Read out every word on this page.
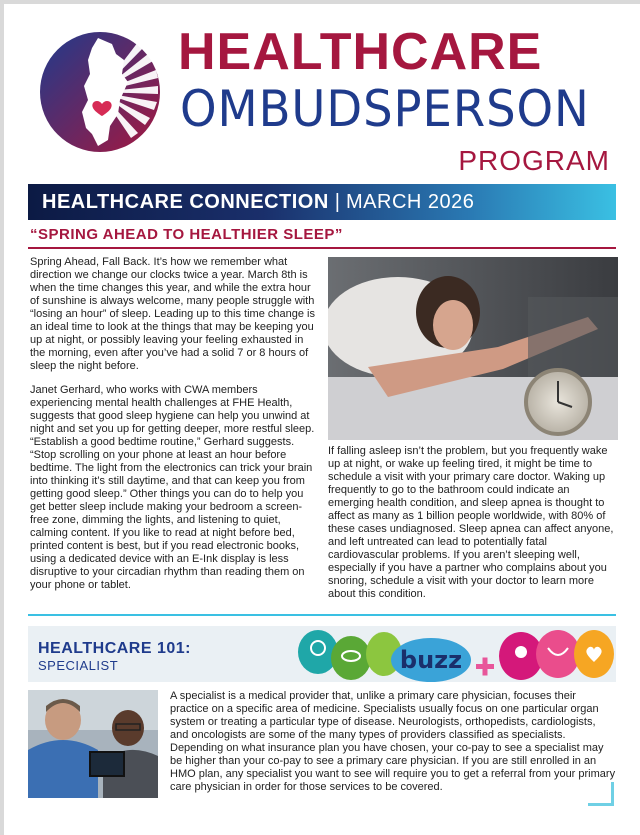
HEALTHCARE
OMBUDSPERSON
PROGRAM
HEALTHCARE CONNECTION | MARCH 2026
“SPRING AHEAD TO HEALTHIER SLEEP”

Spring Ahead, Fall Back. It’s how we remember what direction we change our clocks twice a year. March 8th is when the time changes this year, and while the extra hour of sunshine is always welcome, many people struggle with “losing an hour” of sleep. Leading up to this time change is an ideal time to look at the things that may be keeping you up at night, or possibly leaving your feeling exhausted in the morning, even after you’ve had a solid 7 or 8 hours of sleep the night before.

Janet Gerhard, who works with CWA members experiencing mental health challenges at FHE Health, suggests that good sleep hygiene can help you unwind at night and set you up for getting deeper, more restful sleep. “Establish a good bedtime routine,” Gerhard suggests. “Stop scrolling on your phone at least an hour before bedtime. The light from the electronics can trick your brain into thinking it’s still daytime, and that can keep you from getting good sleep.” Other things you can do to help you get better sleep include making your bedroom a screen-free zone, dimming the lights, and listening to quiet, calming content. If you like to read at night before bed, printed content is best, but if you read electronic books, using a dedicated device with an E-Ink display is less disruptive to your circadian rhythm than reading them on your phone or tablet.

If falling asleep isn’t the problem, but you frequently wake up at night, or wake up feeling tired, it might be time to schedule a visit with your primary care doctor. Waking up frequently to go to the bathroom could indicate an emerging health condition, and sleep apnea is thought to affect as many as 1 billion people worldwide, with 80% of these cases undiagnosed. Sleep apnea can affect anyone, and left untreated can lead to potentially fatal cardiovascular problems. If you aren’t sleeping well, especially if you have a partner who complains about you snoring, schedule a visit with your doctor to learn more about this condition.

HEALTHCARE 101:
SPECIALIST	buzz
A specialist is a medical provider that, unlike a primary care physician, focuses their practice on a specific area of medicine. Specialists usually focus on one particular organ system or treating a particular type of disease. Neurologists, orthopedists, cardiologists, and oncologists are some of the many types of providers classified as specialists. Depending on what insurance plan you have chosen, your co-pay to see a specialist may be higher than your co-pay to see a primary care physician. If you are still enrolled in an HMO plan, any specialist you want to see will require you to get a referral from your primary care physician in order for those services to be covered.
